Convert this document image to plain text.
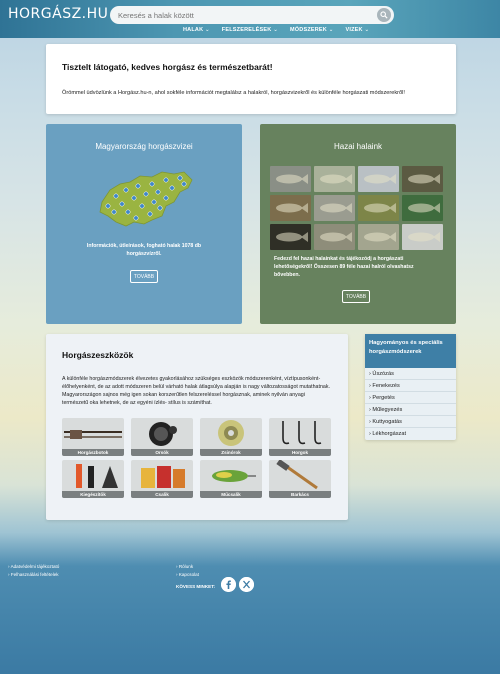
HORGÁSZ.HU
Keresés a halak között
HALAK ⌄	FELSZERELÉSEK ⌄	MÓDSZEREK ⌄	VIZEK ⌄
Tisztelt látogató, kedves horgász és természetbarát!

Örömmel üdvözlünk a Horgász.hu-n, ahol sokféle információt megtalálsz a halakról, horgászvizekről és különféle horgászati módszerekről!

Magyarország horgászvizei
Információk, útleírások, fogható halak 1078 db
horgászvízről.
TOVÁBB
Hazai halaink
Fedezd fel hazai halainkat és tájékozódj a horgászati
lehetőségekről! Összesen 89 féle hazai halról olvashatsz
bővebben.
TOVÁBB
Horgászeszközök

A különféle horgászmódszerek élvezetes gyakorlásához szükséges eszközök módszerenként, víztípusonként-élőhelyenként, de az adott módszeren belül várható halak átlagsúlya alapján is nagy változatosságot mutathatnak. Magyarországon sajnos még igen sokan korszerűtlen felszereléssel horgásznak, aminek nyilván anyagi természetű oka lehetnek, de az egyéni ízlés- stílus is számíthat.

Horgászbotok	Orsók	Zsinórok	Horgok
Kiegészítők	Csalik	Műcsalik	Barkács
Hagyományos és speciális
horgászmódszerek
› Úszózás
› Fenekezés
› Pergetés
› Műlegyezés
› Kuttyogatás
› Lékhorgászat
› Adatvédelmi tájékoztató
› Felhasználási feltételek
› Rólunk
› Kapcsolat
KÖVESS MINKET:
